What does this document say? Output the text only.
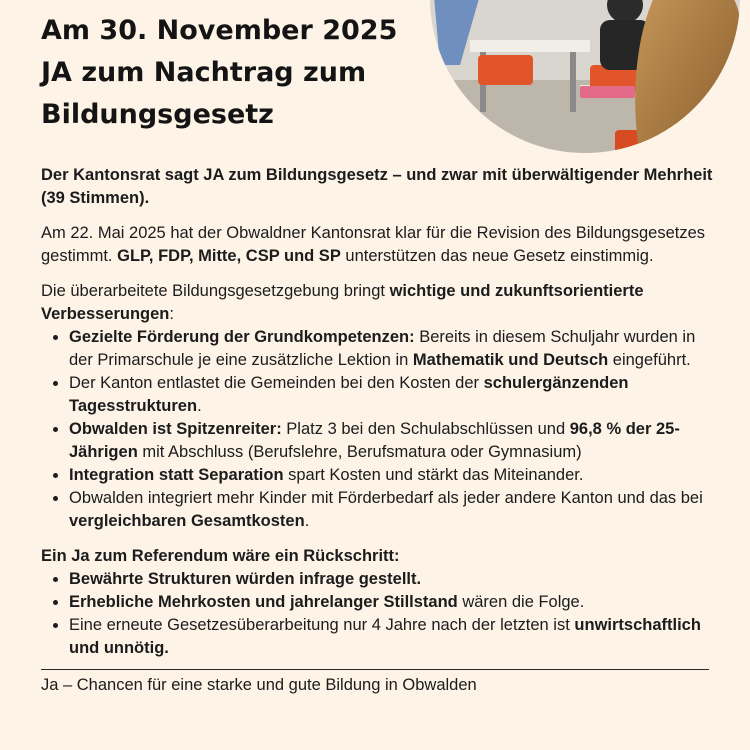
Am 30. November 2025
JA zum Nachtrag zum
Bildungsgesetz

Der Kantonsrat sagt JA zum Bildungsgesetz – und zwar mit überwältigender Mehrheit (39 Stimmen).

Am 22. Mai 2025 hat der Obwaldner Kantonsrat klar für die Revision des Bildungsgesetzes gestimmt. GLP, FDP, Mitte, CSP und SP unterstützen das neue Gesetz einstimmig.

Die überarbeitete Bildungsgesetzgebung bringt wichtige und zukunftsorientierte Verbesserungen:

• Gezielte Förderung der Grundkompetenzen: Bereits in diesem Schuljahr wurden in der Primarschule je eine zusätzliche Lektion in Mathematik und Deutsch eingeführt.
• Der Kanton entlastet die Gemeinden bei den Kosten der schulergänzenden Tagesstrukturen.
• Obwalden ist Spitzenreiter: Platz 3 bei den Schulabschlüssen und 96,8 % der 25-Jährigen mit Abschluss (Berufslehre, Berufsmatura oder Gymnasium)
• Integration statt Separation spart Kosten und stärkt das Miteinander.
• Obwalden integriert mehr Kinder mit Förderbedarf als jeder andere Kanton und das bei vergleichbaren Gesamtkosten.

Ein Ja zum Referendum wäre ein Rückschritt:

• Bewährte Strukturen würden infrage gestellt.
• Erhebliche Mehrkosten und jahrelanger Stillstand wären die Folge.
• Eine erneute Gesetzesüberarbeitung nur 4 Jahre nach der letzten ist unwirtschaftlich und unnötig.

Ja – Chancen für eine starke und gute Bildung in Obwalden
